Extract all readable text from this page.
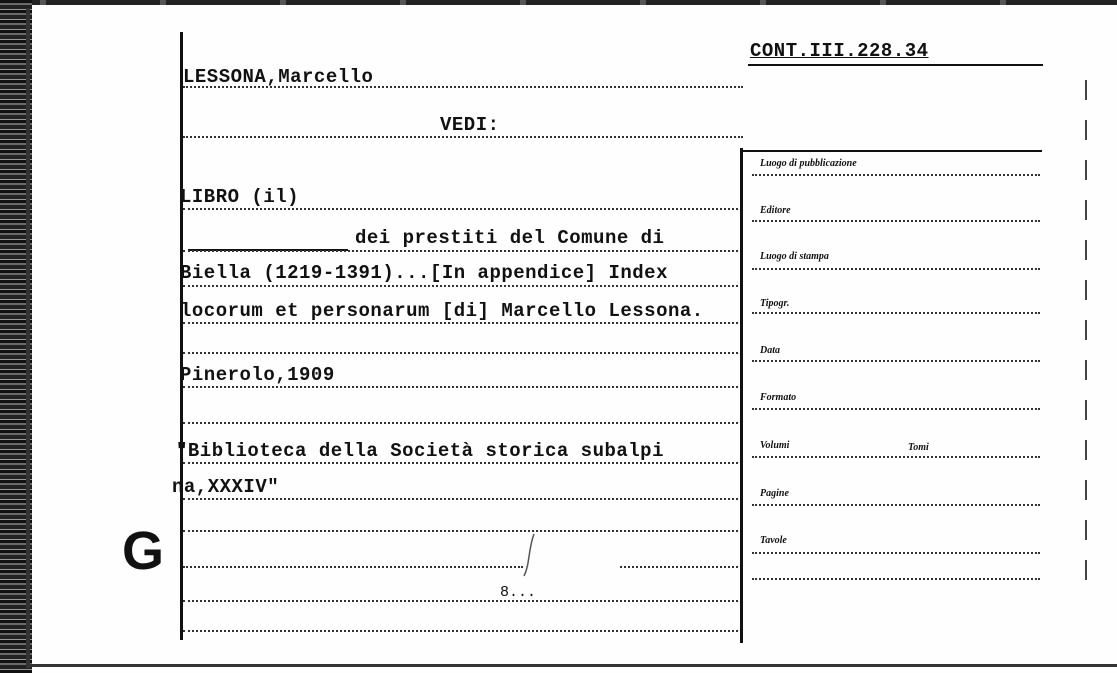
CONT.III.228.34
LESSONA,Marcello
VEDI:
Luogo di pubblicazione
Editore
Luogo di stampa
Tipogr.
Data
Formato
Volumi	Tomi
Pagine
Tavole
LIBRO (il)
dei prestiti del Comune di
Biella (1219-1391)...[In appendice] Index
locorum et personarum [di] Marcello Lessona.
Pinerolo,1909
"Biblioteca della Società storica subalpi
na,XXXIV"
8...
G
